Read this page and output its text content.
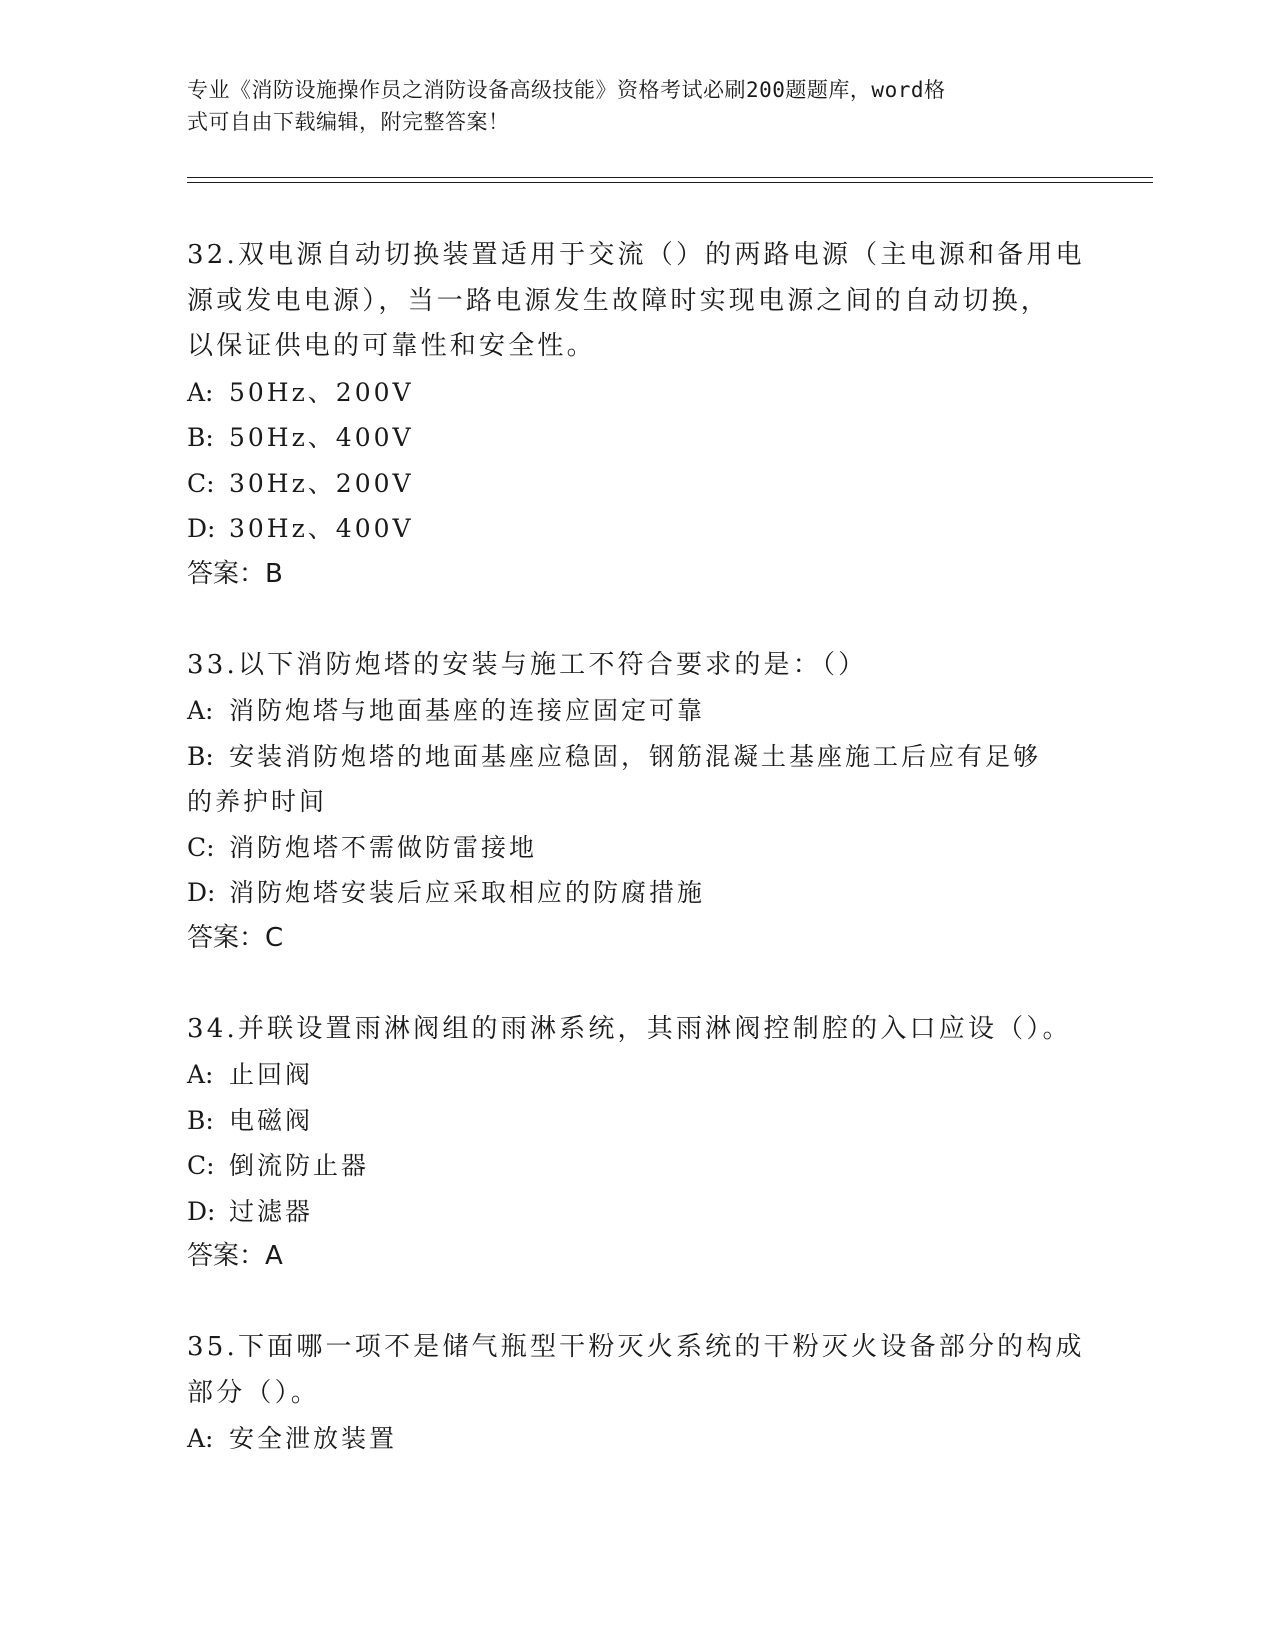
专业《消防设施操作员之消防设备高级技能》资格考试必刷200题题库，word格
式可自由下载编辑，附完整答案！
32.双电源自动切换装置适用于交流（）的两路电源（主电源和备用电
源或发电电源），当一路电源发生故障时实现电源之间的自动切换，
以保证供电的可靠性和安全性。
A: 50Hz、200V
B: 50Hz、400V
C: 30Hz、200V
D: 30Hz、400V
答案：B
33.以下消防炮塔的安装与施工不符合要求的是：（）
A: 消防炮塔与地面基座的连接应固定可靠
B: 安装消防炮塔的地面基座应稳固，钢筋混凝土基座施工后应有足够
的养护时间
C: 消防炮塔不需做防雷接地
D: 消防炮塔安装后应采取相应的防腐措施
答案：C
34.并联设置雨淋阀组的雨淋系统，其雨淋阀控制腔的入口应设（）。
A: 止回阀
B: 电磁阀
C: 倒流防止器
D: 过滤器
答案：A
35.下面哪一项不是储气瓶型干粉灭火系统的干粉灭火设备部分的构成
部分（）。
A: 安全泄放装置
